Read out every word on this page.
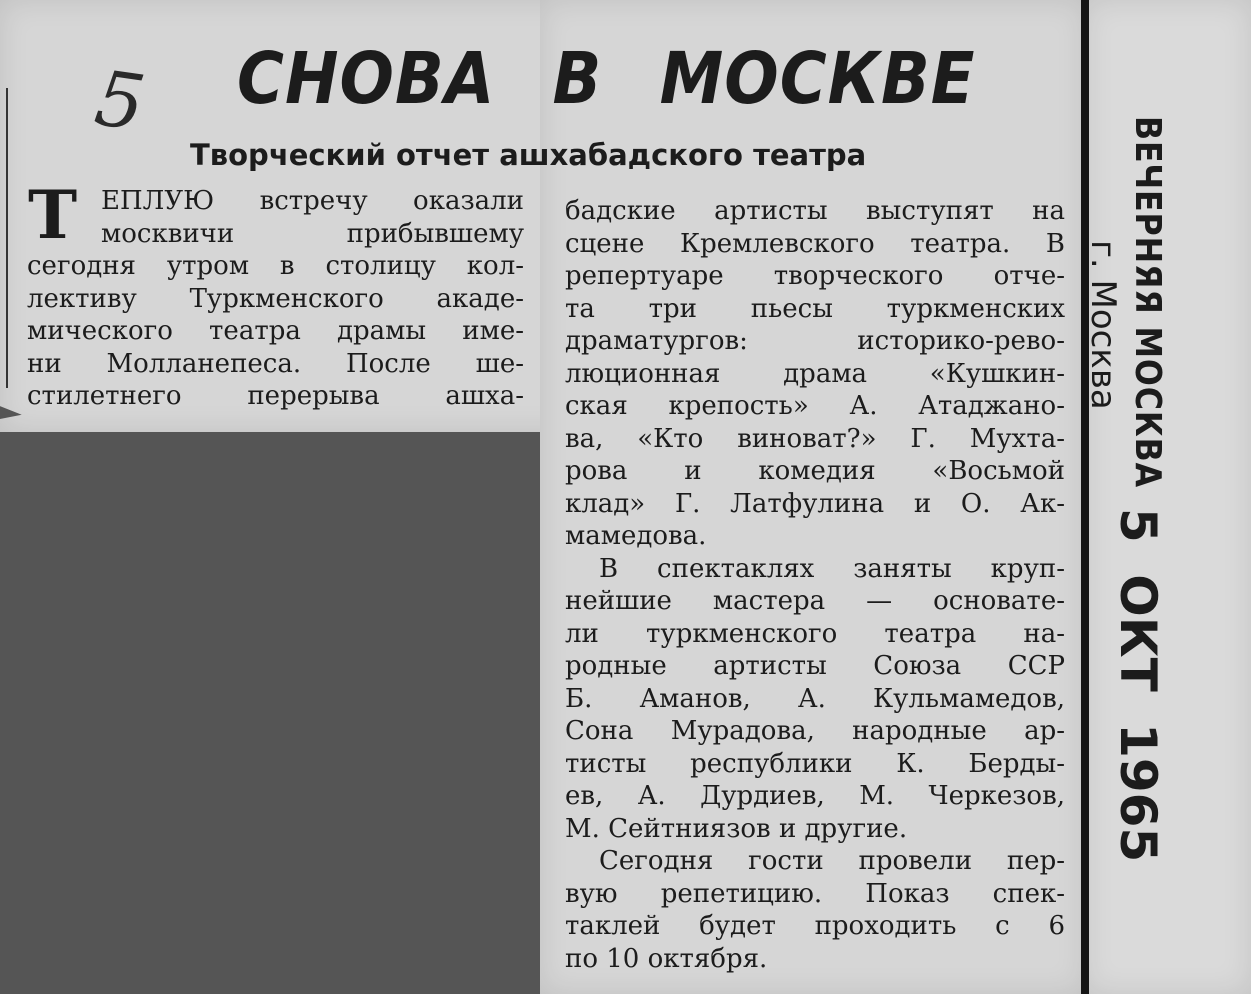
5 СНОВА В МОСКВЕ
Творческий отчет ашхабадского театра
Т ЕПЛУЮ встречу оказали
москвичи прибывшему
сегодня утром в столицу кол-
лективу Туркменского акаде-
мического театра драмы име-
ни Молланепеса. После ше-
стилетнего перерыва ашха-
бадские артисты выступят на
сцене Кремлевского театра. В
репертуаре творческого отче-
та три пьесы туркменских
драматургов: историко-рево-
люционная драма «Кушкин-
ская крепость» А. Атаджано-
ва, «Кто виноват?» Г. Мухта-
рова и комедия «Восьмой
клад» Г. Латфулина и О. Ак-
мамедова.
В спектаклях заняты круп-
нейшие мастера — основате-
ли туркменского театра на-
родные артисты Союза ССР
Б. Аманов, А. Кульмамедов,
Сона Мурадова, народные ар-
тисты республики К. Берды-
ев, А. Дурдиев, М. Черкезов,
М. Сейтниязов и другие.
Сегодня гости провели пер-
вую репетицию. Показ спек-
таклей будет проходить с 6
по 10 октября.
ВЕЧЕРНЯЯ МОСКВА
г. Москва
5 ОКТ 1965
